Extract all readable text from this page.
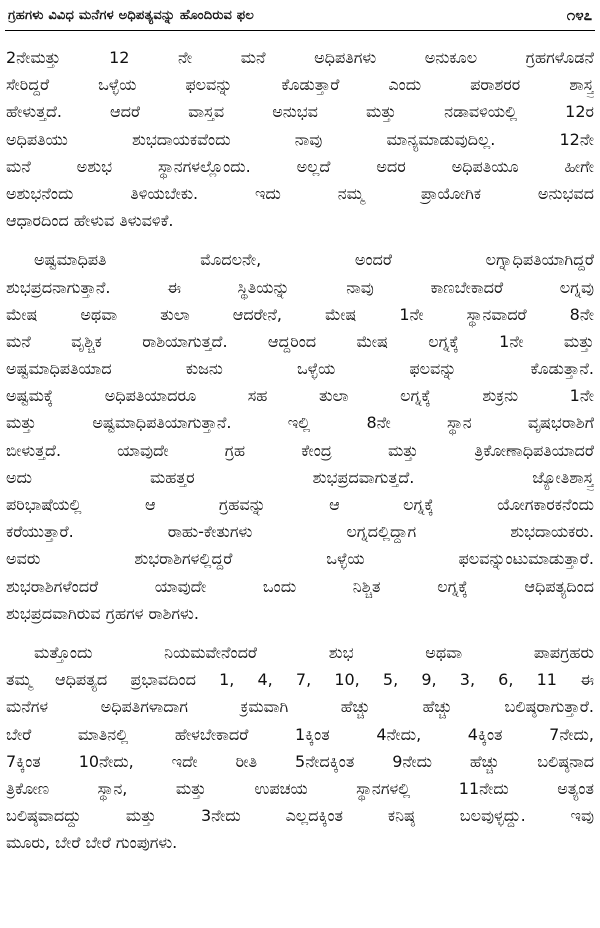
ಗ್ರಹಗಳು ವಿವಿಧ ಮನೆಗಳ ಅಧಿಪತ್ಯವನ್ನು ಹೊಂದಿರುವ ಫಲ	೧೪೭

2ನೇಮತ್ತು 12 ನೇ ಮನೆ ಅಧಿಪತಿಗಳು ಅನುಕೂಲ ಗ್ರಹಗಳೊಡನೆ
ಸೇರಿದ್ದರೆ ಒಳ್ಳೆಯ ಫಲವನ್ನು ಕೊಡುತ್ತಾರೆ ಎಂದು ಪರಾಶರರ ಶಾಸ್ತ್ರ
ಹೇಳುತ್ತದೆ. ಆದರೆ ವಾಸ್ತವ ಅನುಭವ ಮತ್ತು ನಡಾವಳಿಯಲ್ಲಿ 12ರ
ಅಧಿಪತಿಯು ಶುಭದಾಯಕವೆಂದು ನಾವು ಮಾನ್ಯಮಾಡುವುದಿಲ್ಲ. 12ನೇ
ಮನೆ ಅಶುಭ ಸ್ಥಾನಗಳಲ್ಲೊಂದು. ಅಲ್ಲದೆ ಅದರ ಅಧಿಪತಿಯೂ ಹೀಗೇ
ಅಶುಭನೆಂದು ತಿಳಿಯಬೇಕು. ಇದು ನಮ್ಮ ಪ್ರಾಯೋಗಿಕ ಅನುಭವದ
ಆಧಾರದಿಂದ ಹೇಳುವ ತಿಳುವಳಿಕೆ.

ಅಷ್ಟಮಾಧಿಪತಿ ಮೊದಲನೇ, ಅಂದರೆ ಲಗ್ನಾಧಿಪತಿಯಾಗಿದ್ದರೆ
ಶುಭಪ್ರದನಾಗುತ್ತಾನೆ. ಈ ಸ್ಥಿತಿಯನ್ನು ನಾವು ಕಾಣಬೇಕಾದರೆ ಲಗ್ನವು
ಮೇಷ ಅಥವಾ ತುಲಾ ಆದರೇನೆ, ಮೇಷ 1ನೇ ಸ್ಥಾನವಾದರೆ 8ನೇ
ಮನೆ ವೃಶ್ಚಿಕ ರಾಶಿಯಾಗುತ್ತದೆ. ಆದ್ದರಿಂದ ಮೇಷ ಲಗ್ನಕ್ಕೆ 1ನೇ ಮತ್ತು
ಅಷ್ಟಮಾಧಿಪತಿಯಾದ ಕುಜನು ಒಳ್ಳೆಯ ಫಲವನ್ನು ಕೊಡುತ್ತಾನೆ.
ಅಷ್ಟಮಕ್ಕೆ ಅಧಿಪತಿಯಾದರೂ ಸಹ ತುಲಾ ಲಗ್ನಕ್ಕೆ ಶುಕ್ರನು 1ನೇ
ಮತ್ತು ಅಷ್ಟಮಾಧಿಪತಿಯಾಗುತ್ತಾನೆ. ಇಲ್ಲಿ 8ನೇ ಸ್ಥಾನ ವೃಷಭರಾಶಿಗೆ
ಬೀಳುತ್ತದೆ. ಯಾವುದೇ ಗ್ರಹ ಕೇಂದ್ರ ಮತ್ತು ತ್ರಿಕೋಣಾಧಿಪತಿಯಾದರೆ
ಅದು ಮಹತ್ತರ ಶುಭಪ್ರದವಾಗುತ್ತದೆ. ಜ್ಯೋತಿಶಾಸ್ತ್ರ
ಪರಿಭಾಷೆಯಲ್ಲಿ ಆ ಗ್ರಹವನ್ನು ಆ ಲಗ್ನಕ್ಕೆ ಯೋಗಕಾರಕನೆಂದು
ಕರೆಯುತ್ತಾರೆ. ರಾಹು-ಕೇತುಗಳು ಲಗ್ನದಲ್ಲಿದ್ದಾಗ ಶುಭದಾಯಕರು.
ಅವರು ಶುಭರಾಶಿಗಳಲ್ಲಿದ್ದರೆ ಒಳ್ಳೆಯ ಫಲವನ್ನುಂಟುಮಾಡುತ್ತಾರೆ.
ಶುಭರಾಶಿಗಳೆಂದರೆ ಯಾವುದೇ ಒಂದು ನಿಶ್ಚಿತ ಲಗ್ನಕ್ಕೆ ಆಧಿಪತ್ಯದಿಂದ
ಶುಭಪ್ರದವಾಗಿರುವ ಗ್ರಹಗಳ ರಾಶಿಗಳು.

ಮತ್ತೊಂದು ನಿಯಮವೇನೆಂದರೆ ಶುಭ ಅಥವಾ ಪಾಪಗ್ರಹರು
ತಮ್ಮ ಆಧಿಪತ್ಯದ ಪ್ರಭಾವದಿಂದ 1, 4, 7, 10, 5, 9, 3, 6, 11 ಈ
ಮನೆಗಳ ಅಧಿಪತಿಗಳಾದಾಗ ಕ್ರಮವಾಗಿ ಹೆಚ್ಚು ಹೆಚ್ಚು ಬಲಿಷ್ಠರಾಗುತ್ತಾರೆ.
ಬೇರೆ ಮಾತಿನಲ್ಲಿ ಹೇಳಬೇಕಾದರೆ 1ಕ್ಕಿಂತ 4ನೇದು, 4ಕ್ಕಿಂತ 7ನೇದು,
7ಕ್ಕಿಂತ 10ನೇದು, ಇದೇ ರೀತಿ 5ನೇದಕ್ಕಿಂತ 9ನೇದು ಹೆಚ್ಚು ಬಲಿಷ್ಠನಾದ
ತ್ರಿಕೋಣ ಸ್ಥಾನ, ಮತ್ತು ಉಪಚಯ ಸ್ಥಾನಗಳಲ್ಲಿ 11ನೇದು ಅತ್ಯಂತ
ಬಲಿಷ್ಠವಾದದ್ದು ಮತ್ತು 3ನೇದು ಎಲ್ಲದಕ್ಕಿಂತ ಕನಿಷ್ಠ ಬಲವುಳ್ಳದ್ದು. ಇವು
ಮೂರು, ಬೇರೆ ಬೇರೆ ಗುಂಪುಗಳು.
